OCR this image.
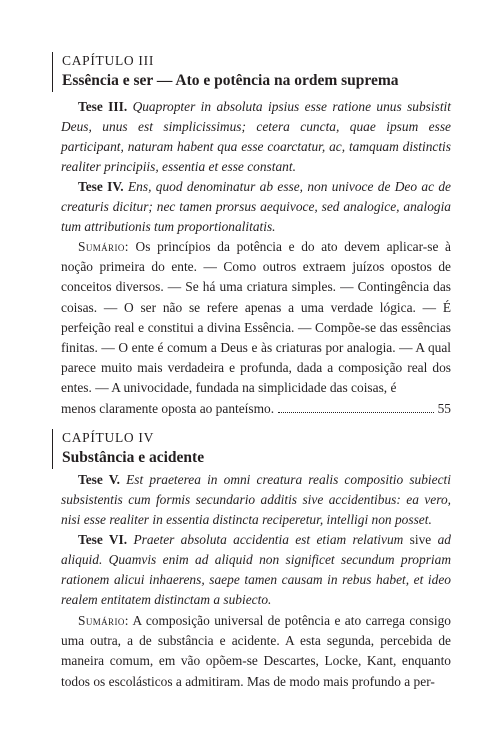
CAPÍTULO III
Essência e ser — Ato e potência na ordem suprema
Tese III. Quapropter in absoluta ipsius esse ratione unus subsistit Deus, unus est simplicissimus; cetera cuncta, quae ipsum esse participant, naturam habent qua esse coarctatur, ac, tamquam distinctis realiter principiis, essentia et esse constant.
Tese IV. Ens, quod denominatur ab esse, non univoce de Deo ac de creaturis dicitur; nec tamen prorsus aequivoce, sed analogice, analogia tum attributionis tum proportionalitatis.
Sumário: Os princípios da potência e do ato devem aplicar-se à noção primeira do ente. — Como outros extraem juízos opostos de conceitos diversos. — Se há uma criatura simples. — Contingência das coisas. — O ser não se refere apenas a uma verdade lógica. — É perfeição real e constitui a divina Essência. — Compõe-se das essências finitas. — O ente é comum a Deus e às criaturas por analogia. — A qual parece muito mais verdadeira e profunda, dada a composição real dos entes. — A univocidade, fundada na simplicidade das coisas, é
menos claramente oposta ao panteísmo.	55
CAPÍTULO IV
Substância e acidente
Tese V. Est praeterea in omni creatura realis compositio subiecti subsistentis cum formis secundario additis sive accidentibus: ea vero, nisi esse realiter in essentia distincta reciperetur, intelligi non posset.
Tese VI. Praeter absoluta accidentia est etiam relativum sive ad aliquid. Quamvis enim ad aliquid non significet secundum propriam rationem alicui inhaerens, saepe tamen causam in rebus habet, et ideo realem entitatem distinctam a subiecto.
Sumário: A composição universal de potência e ato carrega consigo uma outra, a de substância e acidente. A esta segunda, percebida de maneira comum, em vão opõem-se Descartes, Locke, Kant, enquanto todos os escolásticos a admitiram. Mas de modo mais profundo a per-
